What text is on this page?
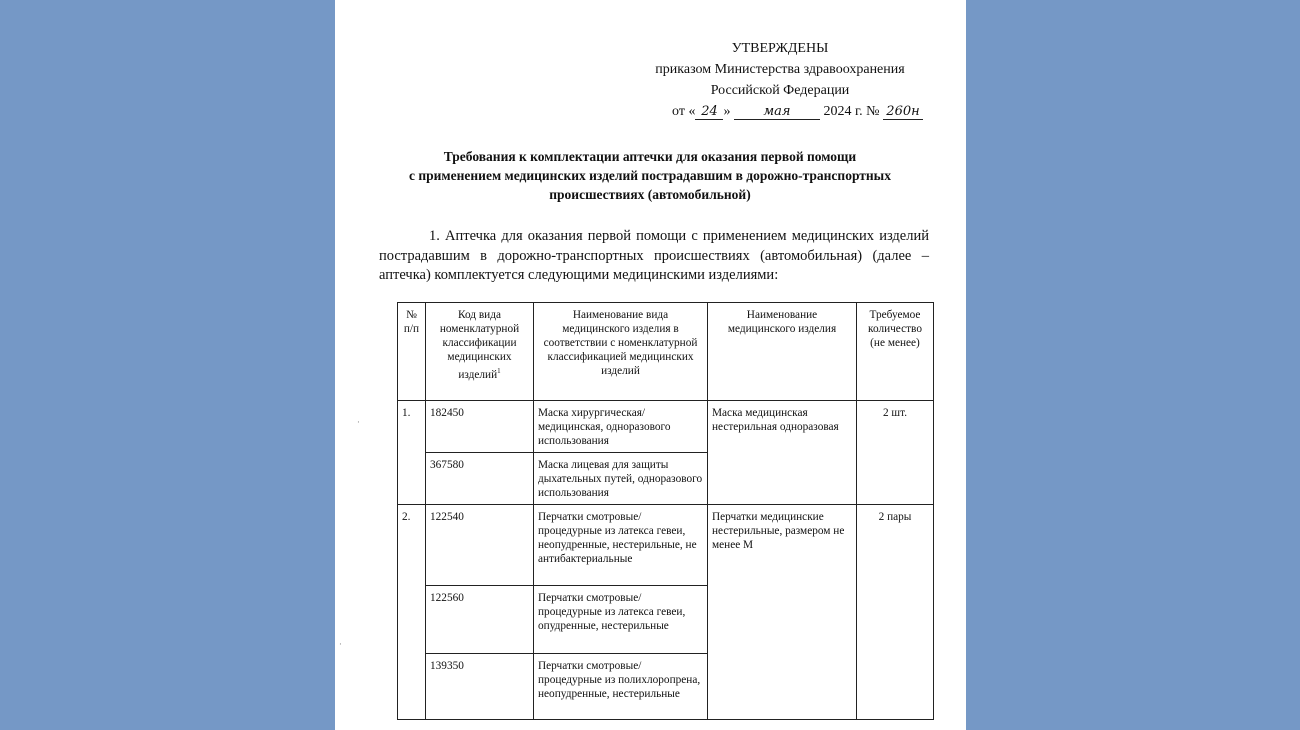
УТВЕРЖДЕНЫ
приказом Министерства здравоохранения
Российской Федерации
от « 24 »	мая 2024 г. № 260н
Требования к комплектации аптечки для оказания первой помощи
с применением медицинских изделий пострадавшим в дорожно-транспортных
происшествиях (автомобильной)
1. Аптечка для оказания первой помощи с применением медицинских изделий пострадавшим в дорожно-транспортных происшествиях (автомобильная) (далее – аптечка) комплектуется следующими медицинскими изделиями:
№ п/п	Код вида номенклатурной классификации медицинских изделий$^1$	Наименование вида медицинского изделия в соответствии с номенклатурной классификацией медицинских изделий	Наименование медицинского изделия	Требуемое количество (не менее)
1.	182450	Маска хирургическая/ медицинская, одноразового использования	Маска медицинская нестерильная одноразовая	2 шт.
	367580	Маска лицевая для защиты дыхательных путей, одноразового использования		
2.	122540	Перчатки смотровые/ процедурные из латекса гевеи, неопудренные, нестерильные, не антибактериальные	Перчатки медицинские нестерильные, размером не менее М	2 пары
	122560	Перчатки смотровые/ процедурные из латекса гевеи, опудренные, нестерильные		
	139350	Перчатки смотровые/ процедурные из полихлоропрена, неопудренные, нестерильные		
·
·
